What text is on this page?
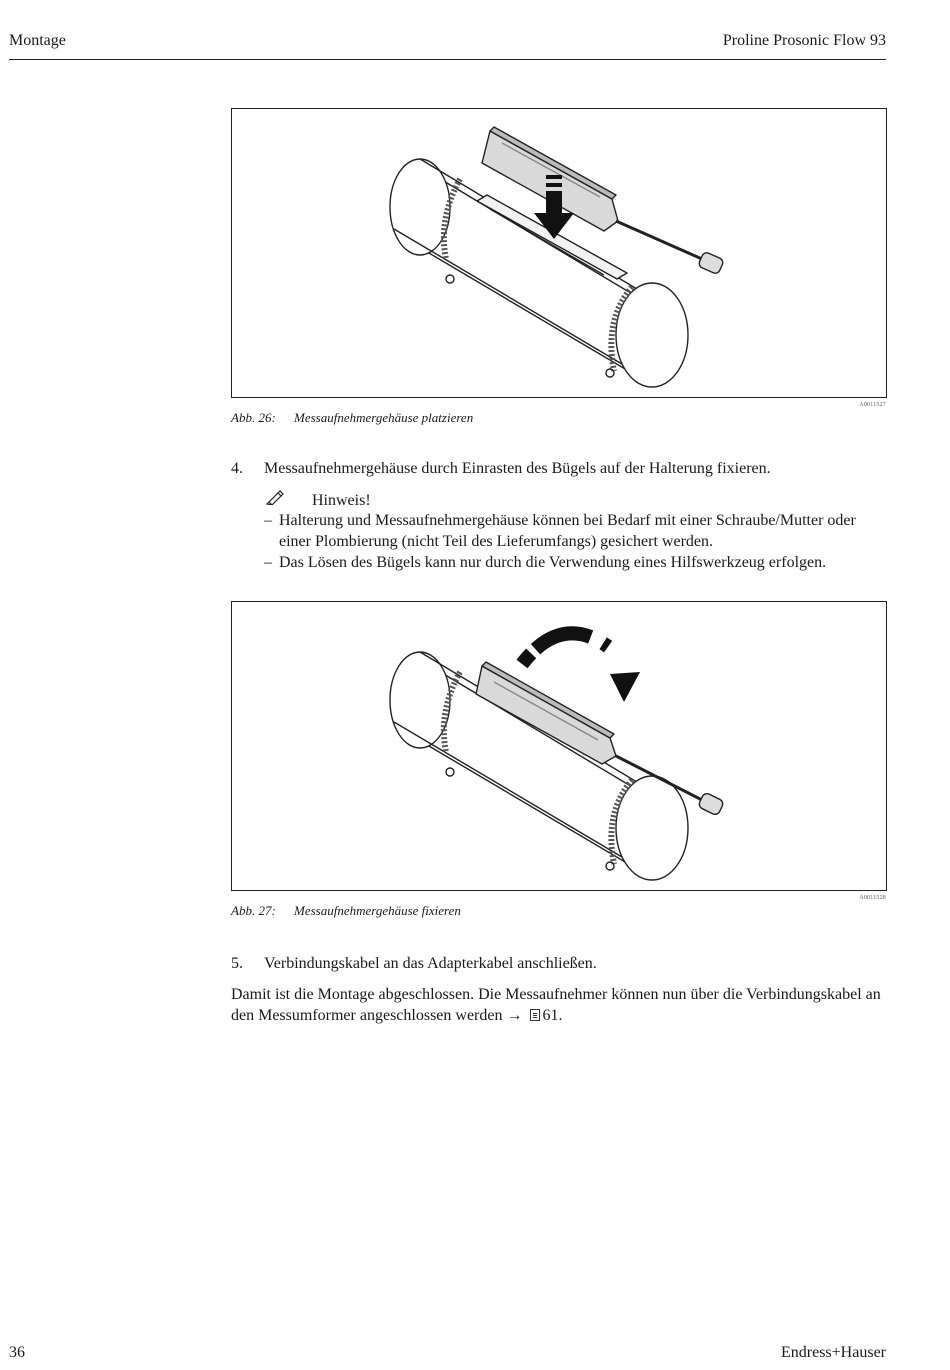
Montage	Proline Prosonic Flow 93
A0011527
Abb. 26: Messaufnehmergehäuse platzieren
4. Messaufnehmergehäuse durch Einrasten des Bügels auf der Halterung fixieren.
Hinweis!
– Halterung und Messaufnehmergehäuse können bei Bedarf mit einer Schraube/Mutter oder einer Plombierung (nicht Teil des Lieferumfangs) gesichert werden.
– Das Lösen des Bügels kann nur durch die Verwendung eines Hilfswerkzeug erfolgen.
A0011528
Abb. 27: Messaufnehmergehäuse fixieren
5. Verbindungskabel an das Adapterkabel anschließen.
Damit ist die Montage abgeschlossen. Die Messaufnehmer können nun über die Verbindungskabel an den Messumformer angeschlossen werden → 61.
36	Endress+Hauser
